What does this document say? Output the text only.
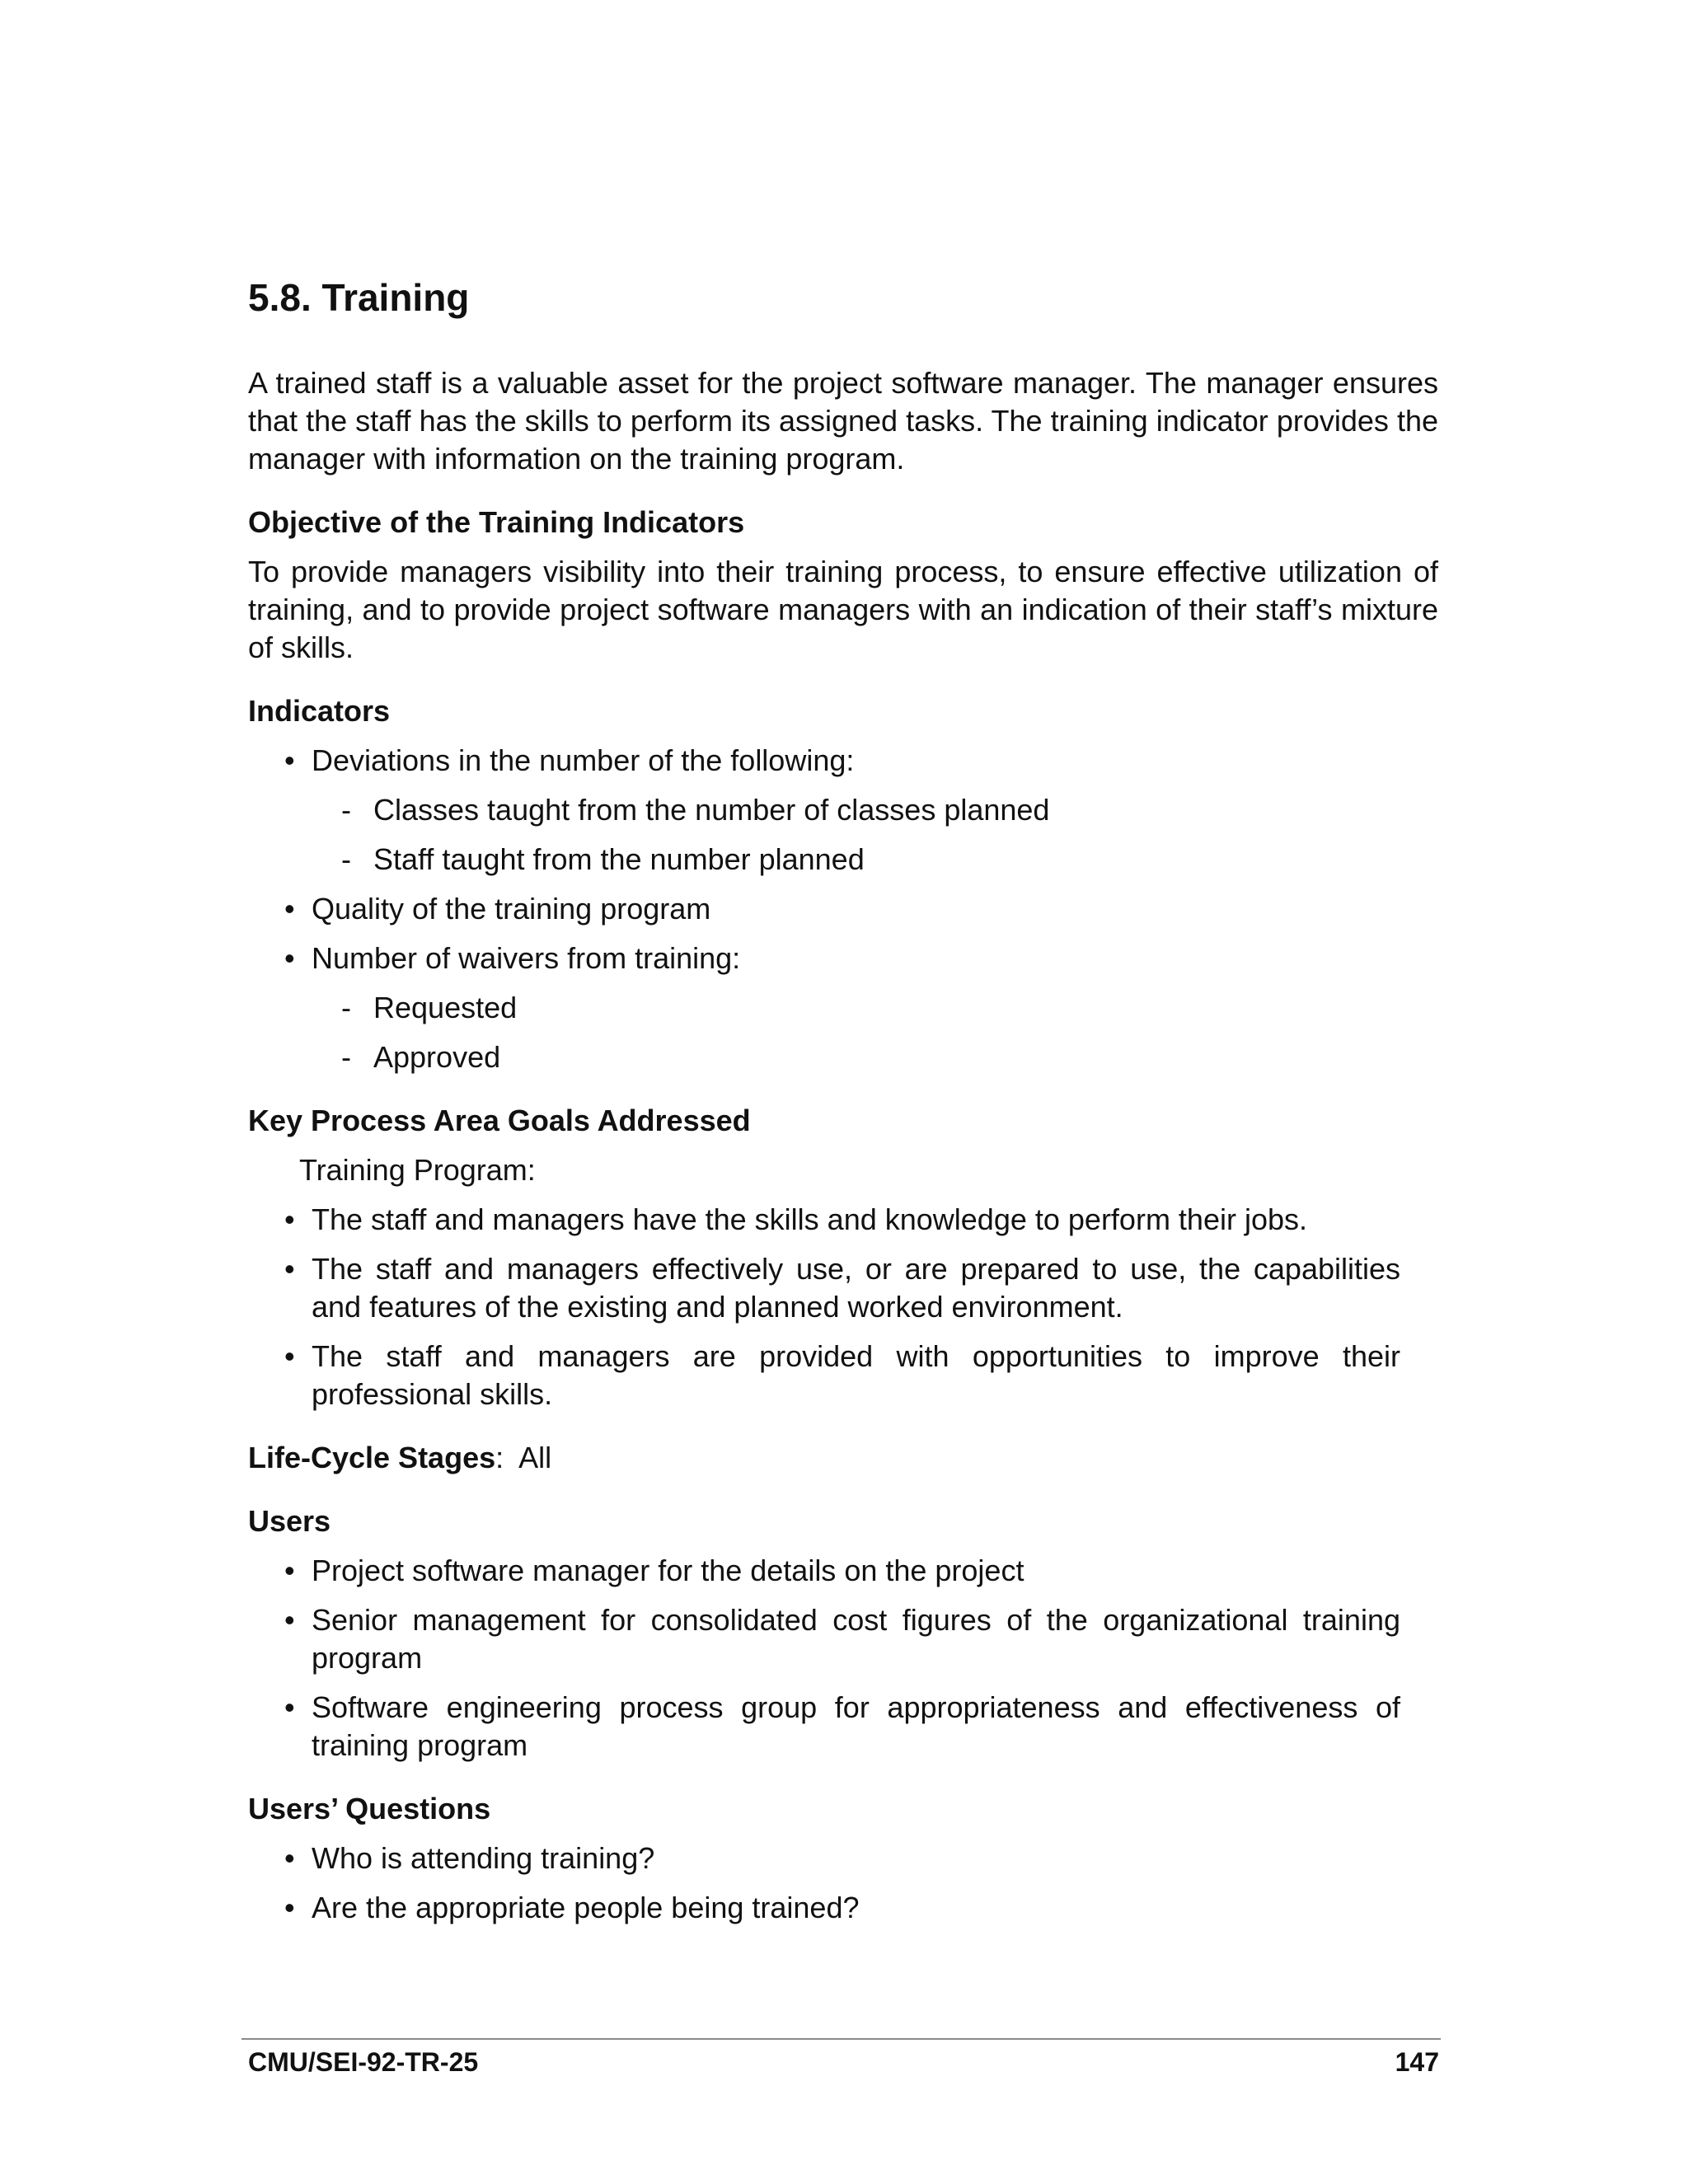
5.8. Training

A trained staff is a valuable asset for the project software manager. The manager ensures that the staff has the skills to perform its assigned tasks. The training indicator provides the manager with information on the training program.

Objective of the Training Indicators

To provide managers visibility into their training process, to ensure effective utilization of training, and to provide project software managers with an indication of their staff’s mixture of skills.

Indicators
• Deviations in the number of the following:
- Classes taught from the number of classes planned
- Staff taught from the number planned
• Quality of the training program
• Number of waivers from training:
- Requested
- Approved
Key Process Area Goals Addressed
Training Program:
• The staff and managers have the skills and knowledge to perform their jobs.
• The staff and managers effectively use, or are prepared to use, the capabilities and features of the existing and planned worked environment.
• The staff and managers are provided with opportunities to improve their professional skills.
Life-Cycle Stages:  All
Users
• Project software manager for the details on the project
• Senior management for consolidated cost figures of the organizational training program
• Software engineering process group for appropriateness and effectiveness of training program
Users’ Questions
• Who is attending training?
• Are the appropriate people being trained?
CMU/SEI-92-TR-25	147
